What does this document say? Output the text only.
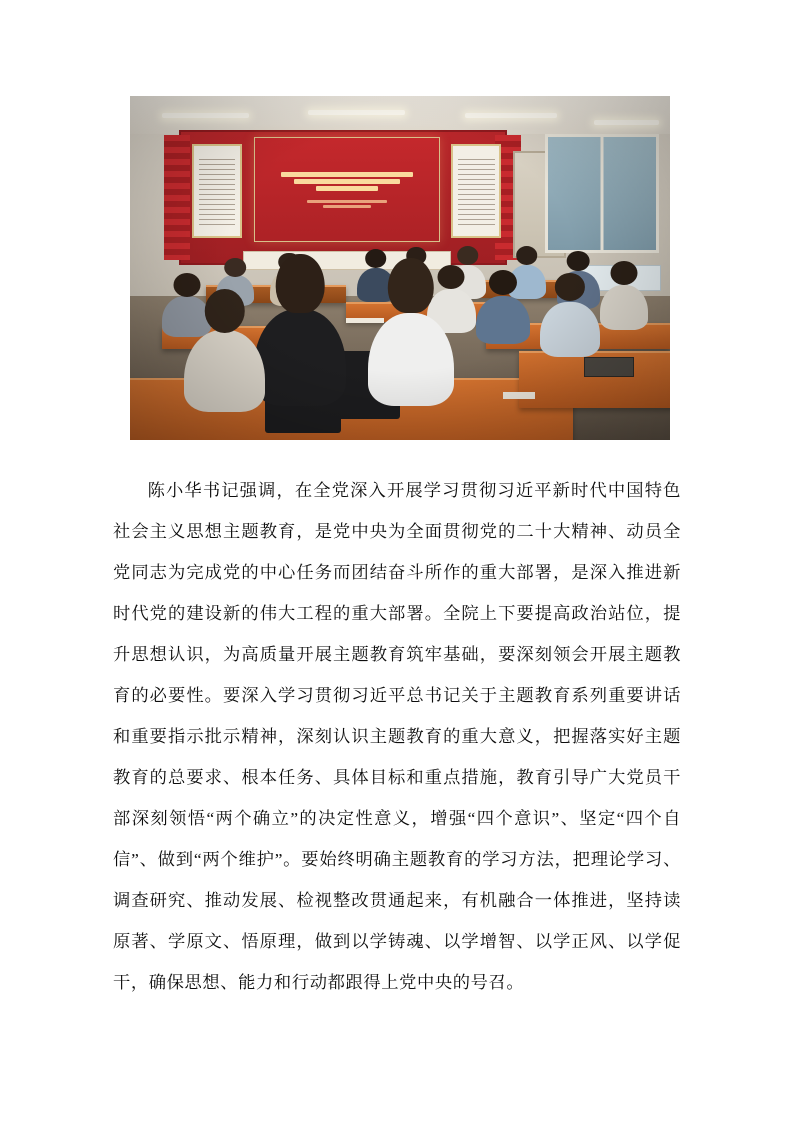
陈小华书记强调，在全党深入开展学习贯彻习近平新时代中国特色社会主义思想主题教育，是党中央为全面贯彻党的二十大精神、动员全党同志为完成党的中心任务而团结奋斗所作的重大部署，是深入推进新时代党的建设新的伟大工程的重大部署。全院上下要提高政治站位，提升思想认识，为高质量开展主题教育筑牢基础，要深刻领会开展主题教育的必要性。要深入学习贯彻习近平总书记关于主题教育系列重要讲话和重要指示批示精神，深刻认识主题教育的重大意义，把握落实好主题教育的总要求、根本任务、具体目标和重点措施，教育引导广大党员干部深刻领悟“两个确立”的决定性意义，增强“四个意识”、坚定“四个自信”、做到“两个维护”。要始终明确主题教育的学习方法，把理论学习、调查研究、推动发展、检视整改贯通起来，有机融合一体推进，坚持读原著、学原文、悟原理，做到以学铸魂、以学增智、以学正风、以学促干，确保思想、能力和行动都跟得上党中央的号召。
